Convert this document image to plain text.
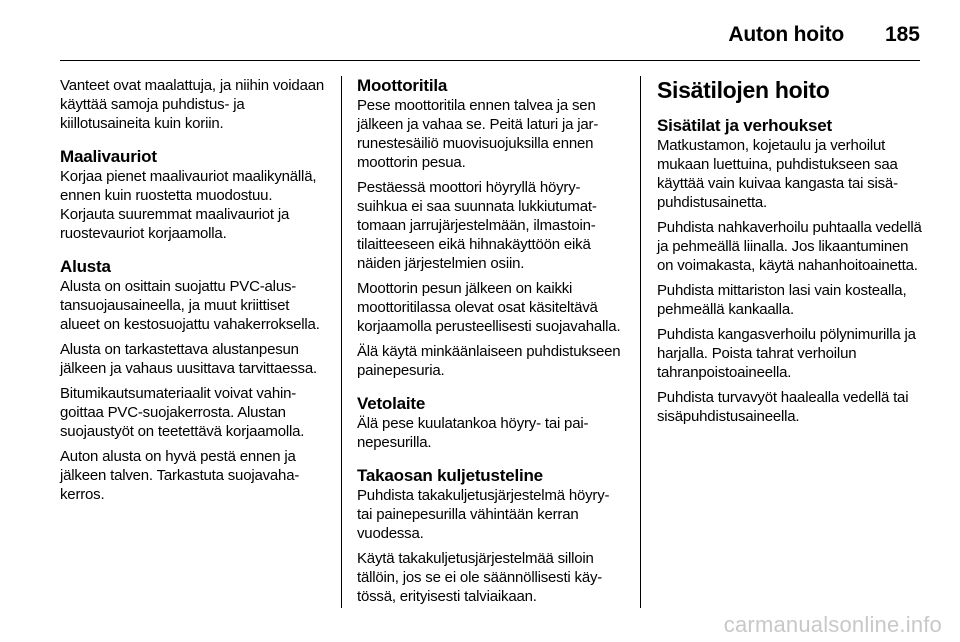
Auton hoito 185

Vanteet ovat maalattuja, ja niihin voidaan käyttää samoja puhdistus- ja kiillotusaineita kuin koriin.

Maalivauriot

Korjaa pienet maalivauriot maalikynällä, ennen kuin ruostetta muodostuu. Korjauta suuremmat maalivauriot ja ruostevauriot korjaamolla.

Alusta

Alusta on osittain suojattu PVC-alustansuojausaineella, ja muut kriittiset alueet on kestosuojattu vahakerroksella.

Alusta on tarkastettava alustanpesun jälkeen ja vahaus uusittava tarvittaessa.

Bitumikautsumateriaalit voivat vahingoittaa PVC-suojakerrosta. Alustan suojaustyöt on teetettävä korjaamolla.

Auton alusta on hyvä pestä ennen ja jälkeen talven. Tarkastuta suojavahakerros.

Moottoritila

Pese moottoritila ennen talvea ja sen jälkeen ja vahaa se. Peitä laturi ja jarrunestesäiliö muovisuojuksilla ennen moottorin pesua.

Pestäessä moottori höyryllä höyrysuihkua ei saa suunnata lukkiutumattomaan jarrujärjestelmään, ilmastointilaitteeseen eikä hihnakäyttöön eikä näiden järjestelmien osiin.

Moottorin pesun jälkeen on kaikki moottoritilassa olevat osat käsiteltävä korjaamolla perusteellisesti suojavahalla.

Älä käytä minkäänlaiseen puhdistukseen painepesuria.

Vetolaite

Älä pese kuulatankoa höyry- tai painepesurilla.

Takaosan kuljetusteline

Puhdista takakuljetusjärjestelmä höyry- tai painepesurilla vähintään kerran vuodessa.

Käytä takakuljetusjärjestelmää silloin tällöin, jos se ei ole säännöllisesti käytössä, erityisesti talviaikaan.

Sisätilojen hoito
Sisätilat ja verhoukset

Matkustamon, kojetaulu ja verhoilut mukaan luettuina, puhdistukseen saa käyttää vain kuivaa kangasta tai sisäpuhdistusainetta.

Puhdista nahkaverhoilu puhtaalla vedellä ja pehmeällä liinalla. Jos likaantuminen on voimakasta, käytä nahanhoitoainetta.

Puhdista mittariston lasi vain kostealla, pehmeällä kankaalla.

Puhdista kangasverhoilu pölynimurilla ja harjalla. Poista tahrat verhoilun tahranpoistoaineella.

Puhdista turvavyöt haalealla vedellä tai sisäpuhdistusaineella.

carmanualsonline.info
